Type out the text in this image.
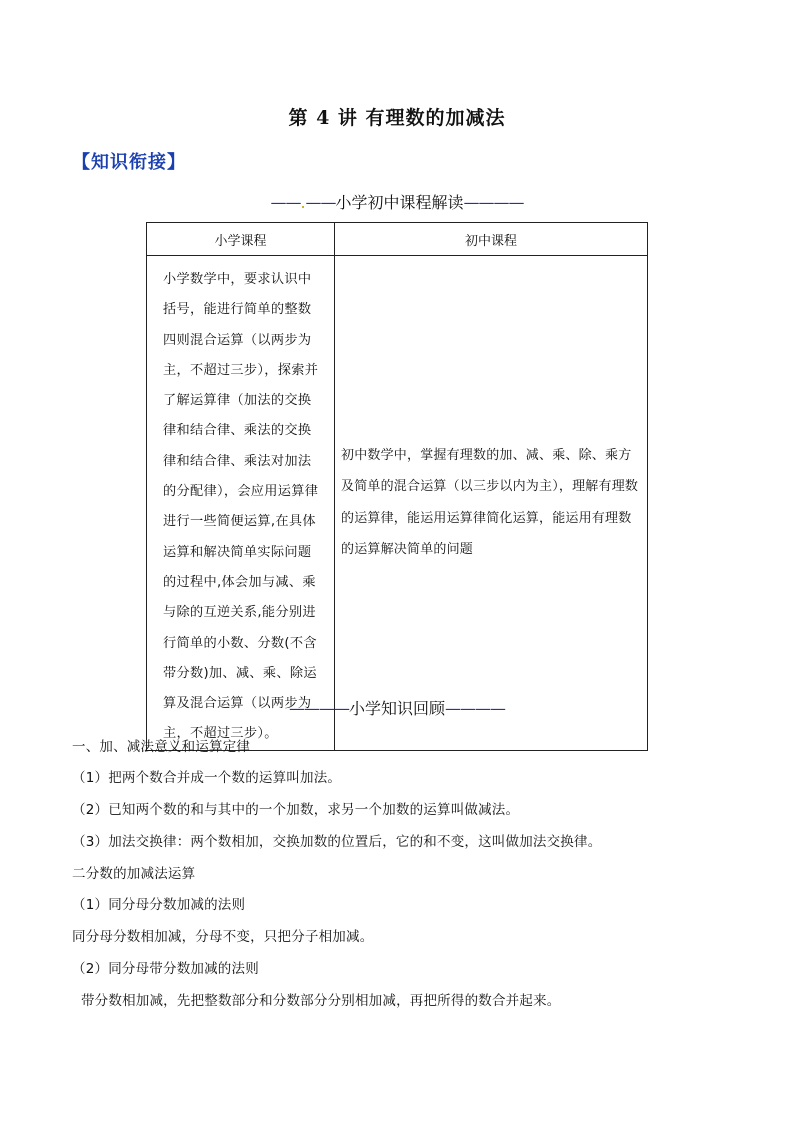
第 4 讲 有理数的加减法
【知识衔接】
——.——小学初中课程解读————
小学课程	初中课程

小学数学中，要求认识中括号，能进行简单的整数四则混合运算（以两步为主，不超过三步），探索并了解运算律（加法的交换律和结合律、乘法的交换律和结合律、乘法对加法的分配律），会应用运算律进行一些简便运算,在具体运算和解决简单实际问题的过程中,体会加与减、乘与除的互逆关系,能分别进行简单的小数、分数(不含带分数)加、减、乘、除运算及混合运算（以两步为主，不超过三步）。	初中数学中，掌握有理数的加、减、乘、除、乘方及简单的混合运算（以三步以内为主），理解有理数的运算律，能运用运算律简化运算，能运用有理数的运算解决简单的问题

————小学知识回顾————
一、加、减法意义和运算定律
（1）把两个数合并成一个数的运算叫加法。
（2）已知两个数的和与其中的一个加数，求另一个加数的运算叫做减法。
（3）加法交换律：两个数相加，交换加数的位置后，它的和不变，这叫做加法交换律。
二分数的加减法运算
（1）同分母分数加减的法则
同分母分数相加减，分母不变，只把分子相加减。
（2）同分母带分数加减的法则
带分数相加减，先把整数部分和分数部分分别相加减，再把所得的数合并起来。
